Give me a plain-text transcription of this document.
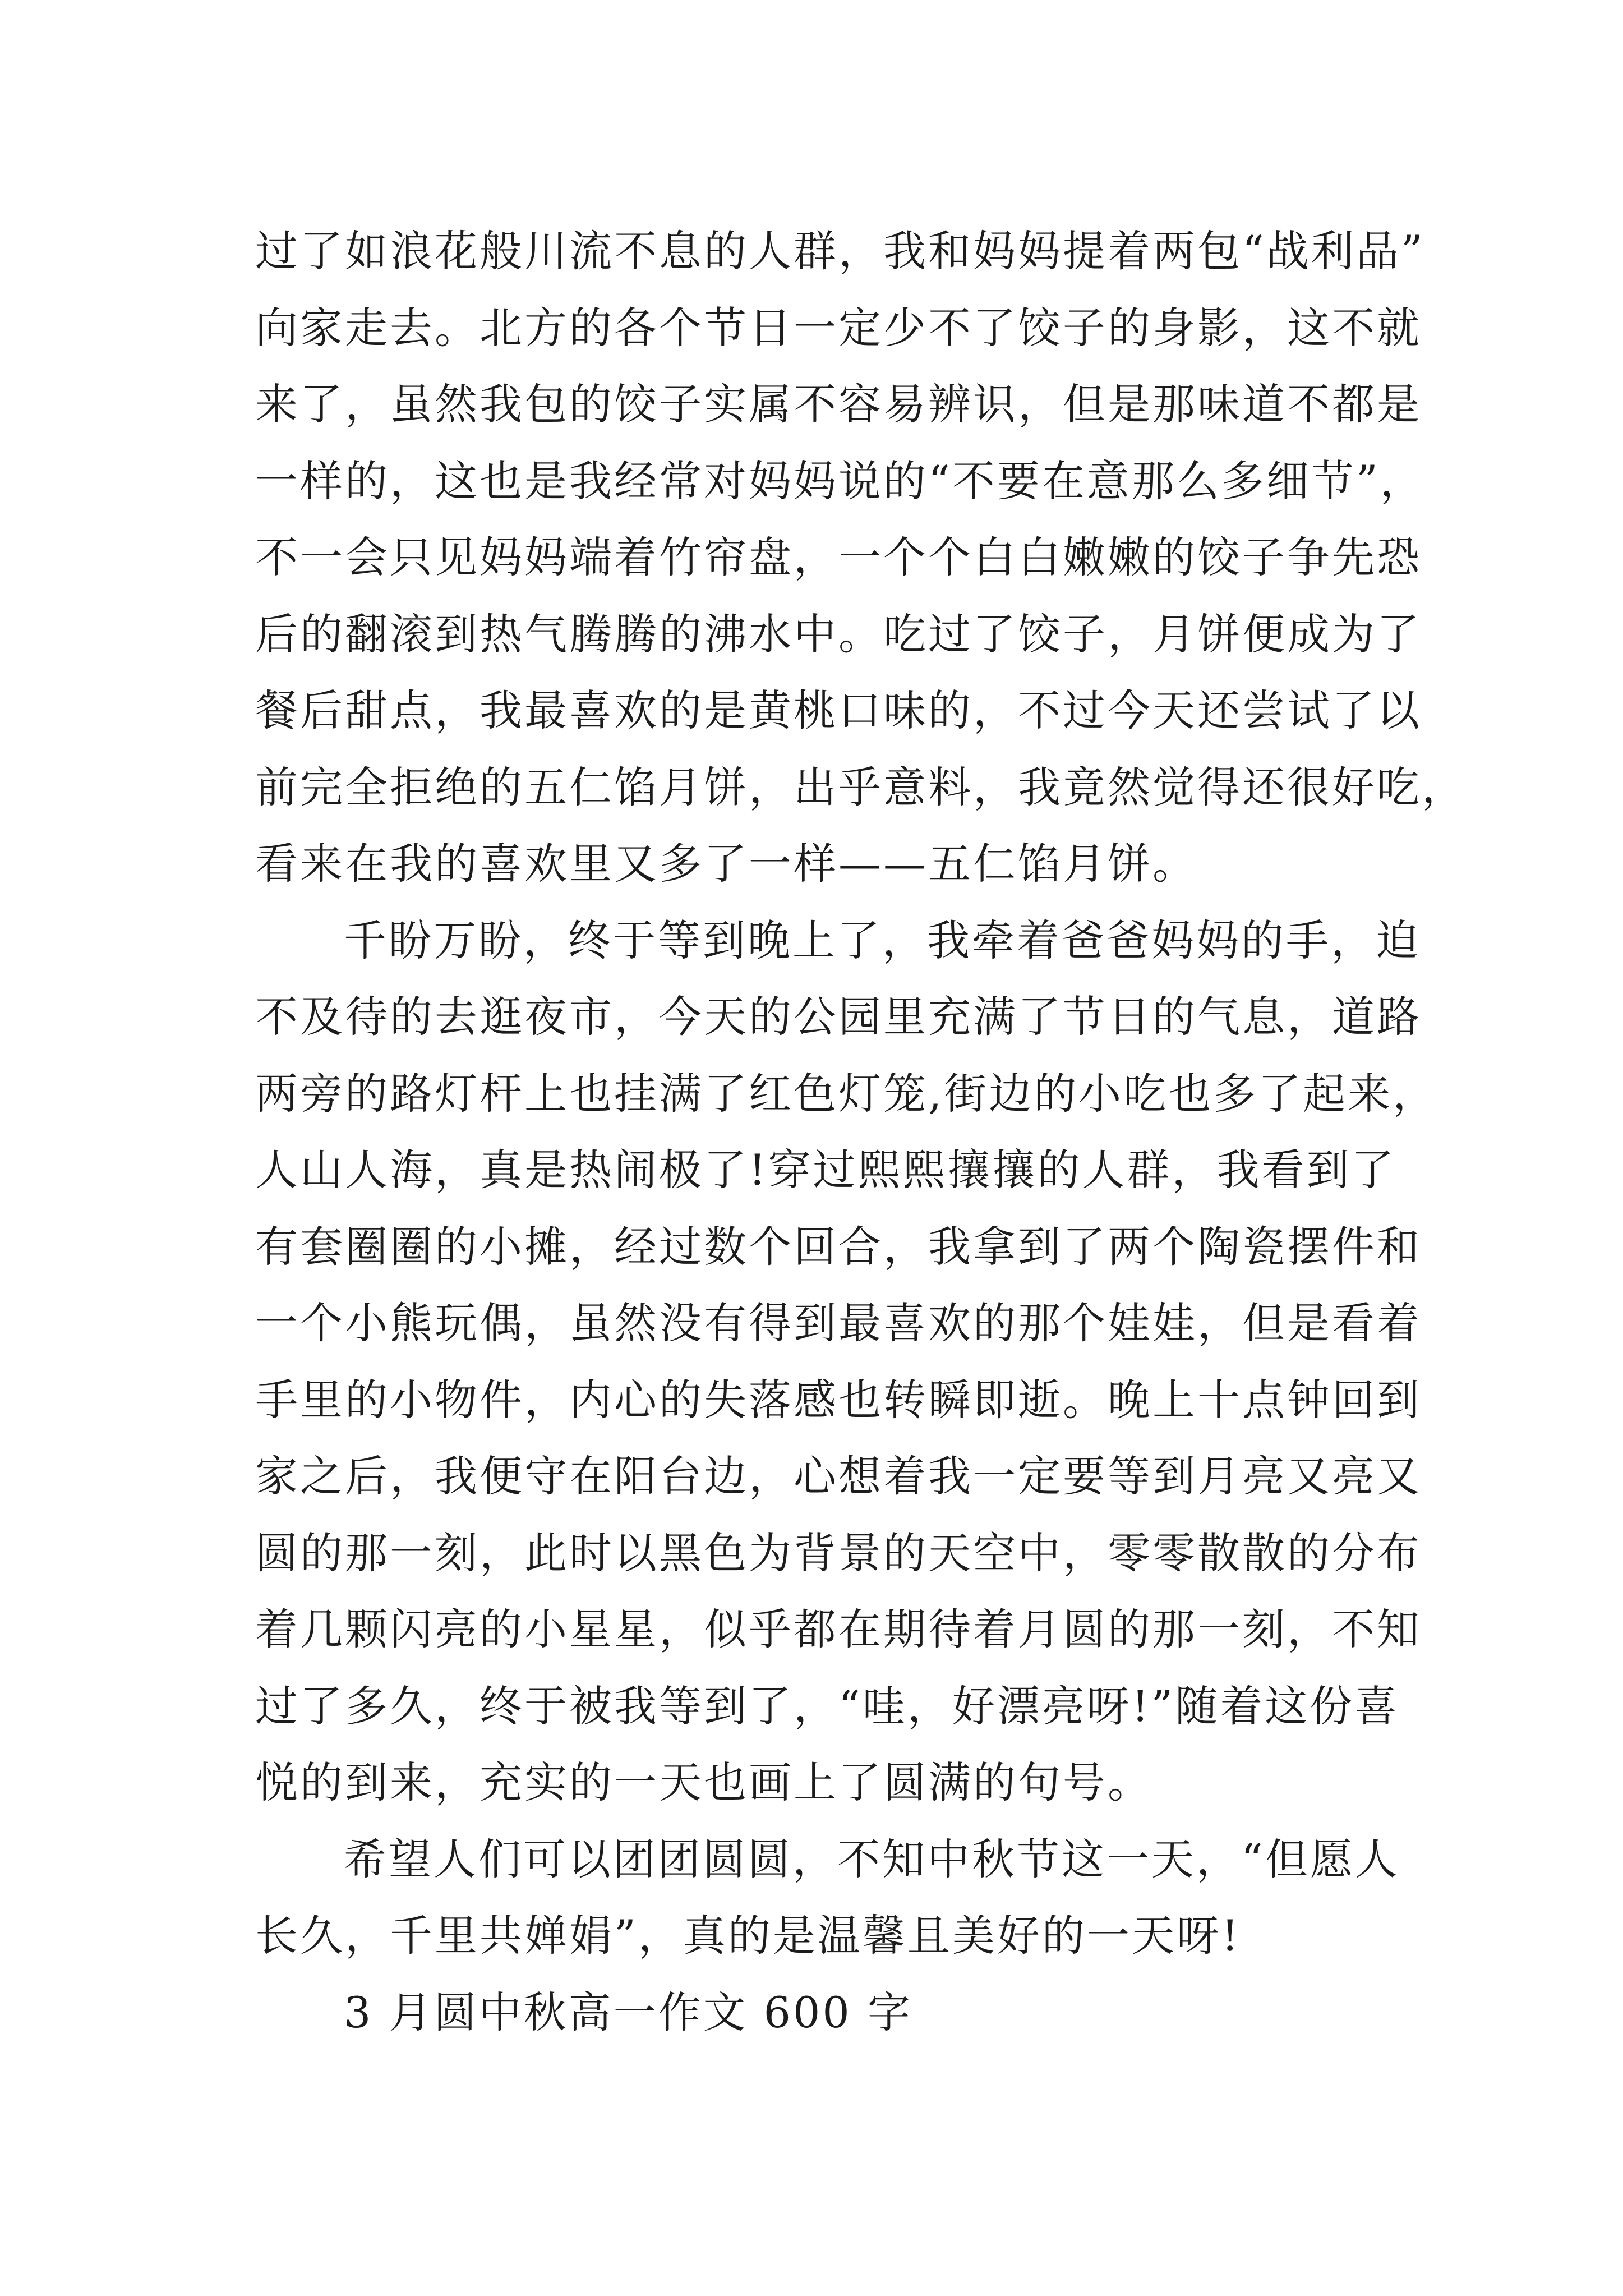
过了如浪花般川流不息的人群，我和妈妈提着两包“战利品”
向家走去。北方的各个节日一定少不了饺子的身影，这不就
来了，虽然我包的饺子实属不容易辨识，但是那味道不都是
一样的，这也是我经常对妈妈说的“不要在意那么多细节”，
不一会只见妈妈端着竹帘盘，一个个白白嫩嫩的饺子争先恐
后的翻滚到热气腾腾的沸水中。吃过了饺子，月饼便成为了
餐后甜点，我最喜欢的是黄桃口味的，不过今天还尝试了以
前完全拒绝的五仁馅月饼，出乎意料，我竟然觉得还很好吃，
看来在我的喜欢里又多了一样——五仁馅月饼。
千盼万盼，终于等到晚上了，我牵着爸爸妈妈的手，迫
不及待的去逛夜市，今天的公园里充满了节日的气息，道路
两旁的路灯杆上也挂满了红色灯笼,街边的小吃也多了起来，
人山人海，真是热闹极了!穿过熙熙攘攘的人群，我看到了
有套圈圈的小摊，经过数个回合，我拿到了两个陶瓷摆件和
一个小熊玩偶，虽然没有得到最喜欢的那个娃娃，但是看着
手里的小物件，内心的失落感也转瞬即逝。晚上十点钟回到
家之后，我便守在阳台边，心想着我一定要等到月亮又亮又
圆的那一刻，此时以黑色为背景的天空中，零零散散的分布
着几颗闪亮的小星星，似乎都在期待着月圆的那一刻，不知
过了多久，终于被我等到了，“哇，好漂亮呀!”随着这份喜
悦的到来，充实的一天也画上了圆满的句号。
希望人们可以团团圆圆，不知中秋节这一天，“但愿人
长久，千里共婵娟”，真的是温馨且美好的一天呀!
3 月圆中秋高一作文 600 字
